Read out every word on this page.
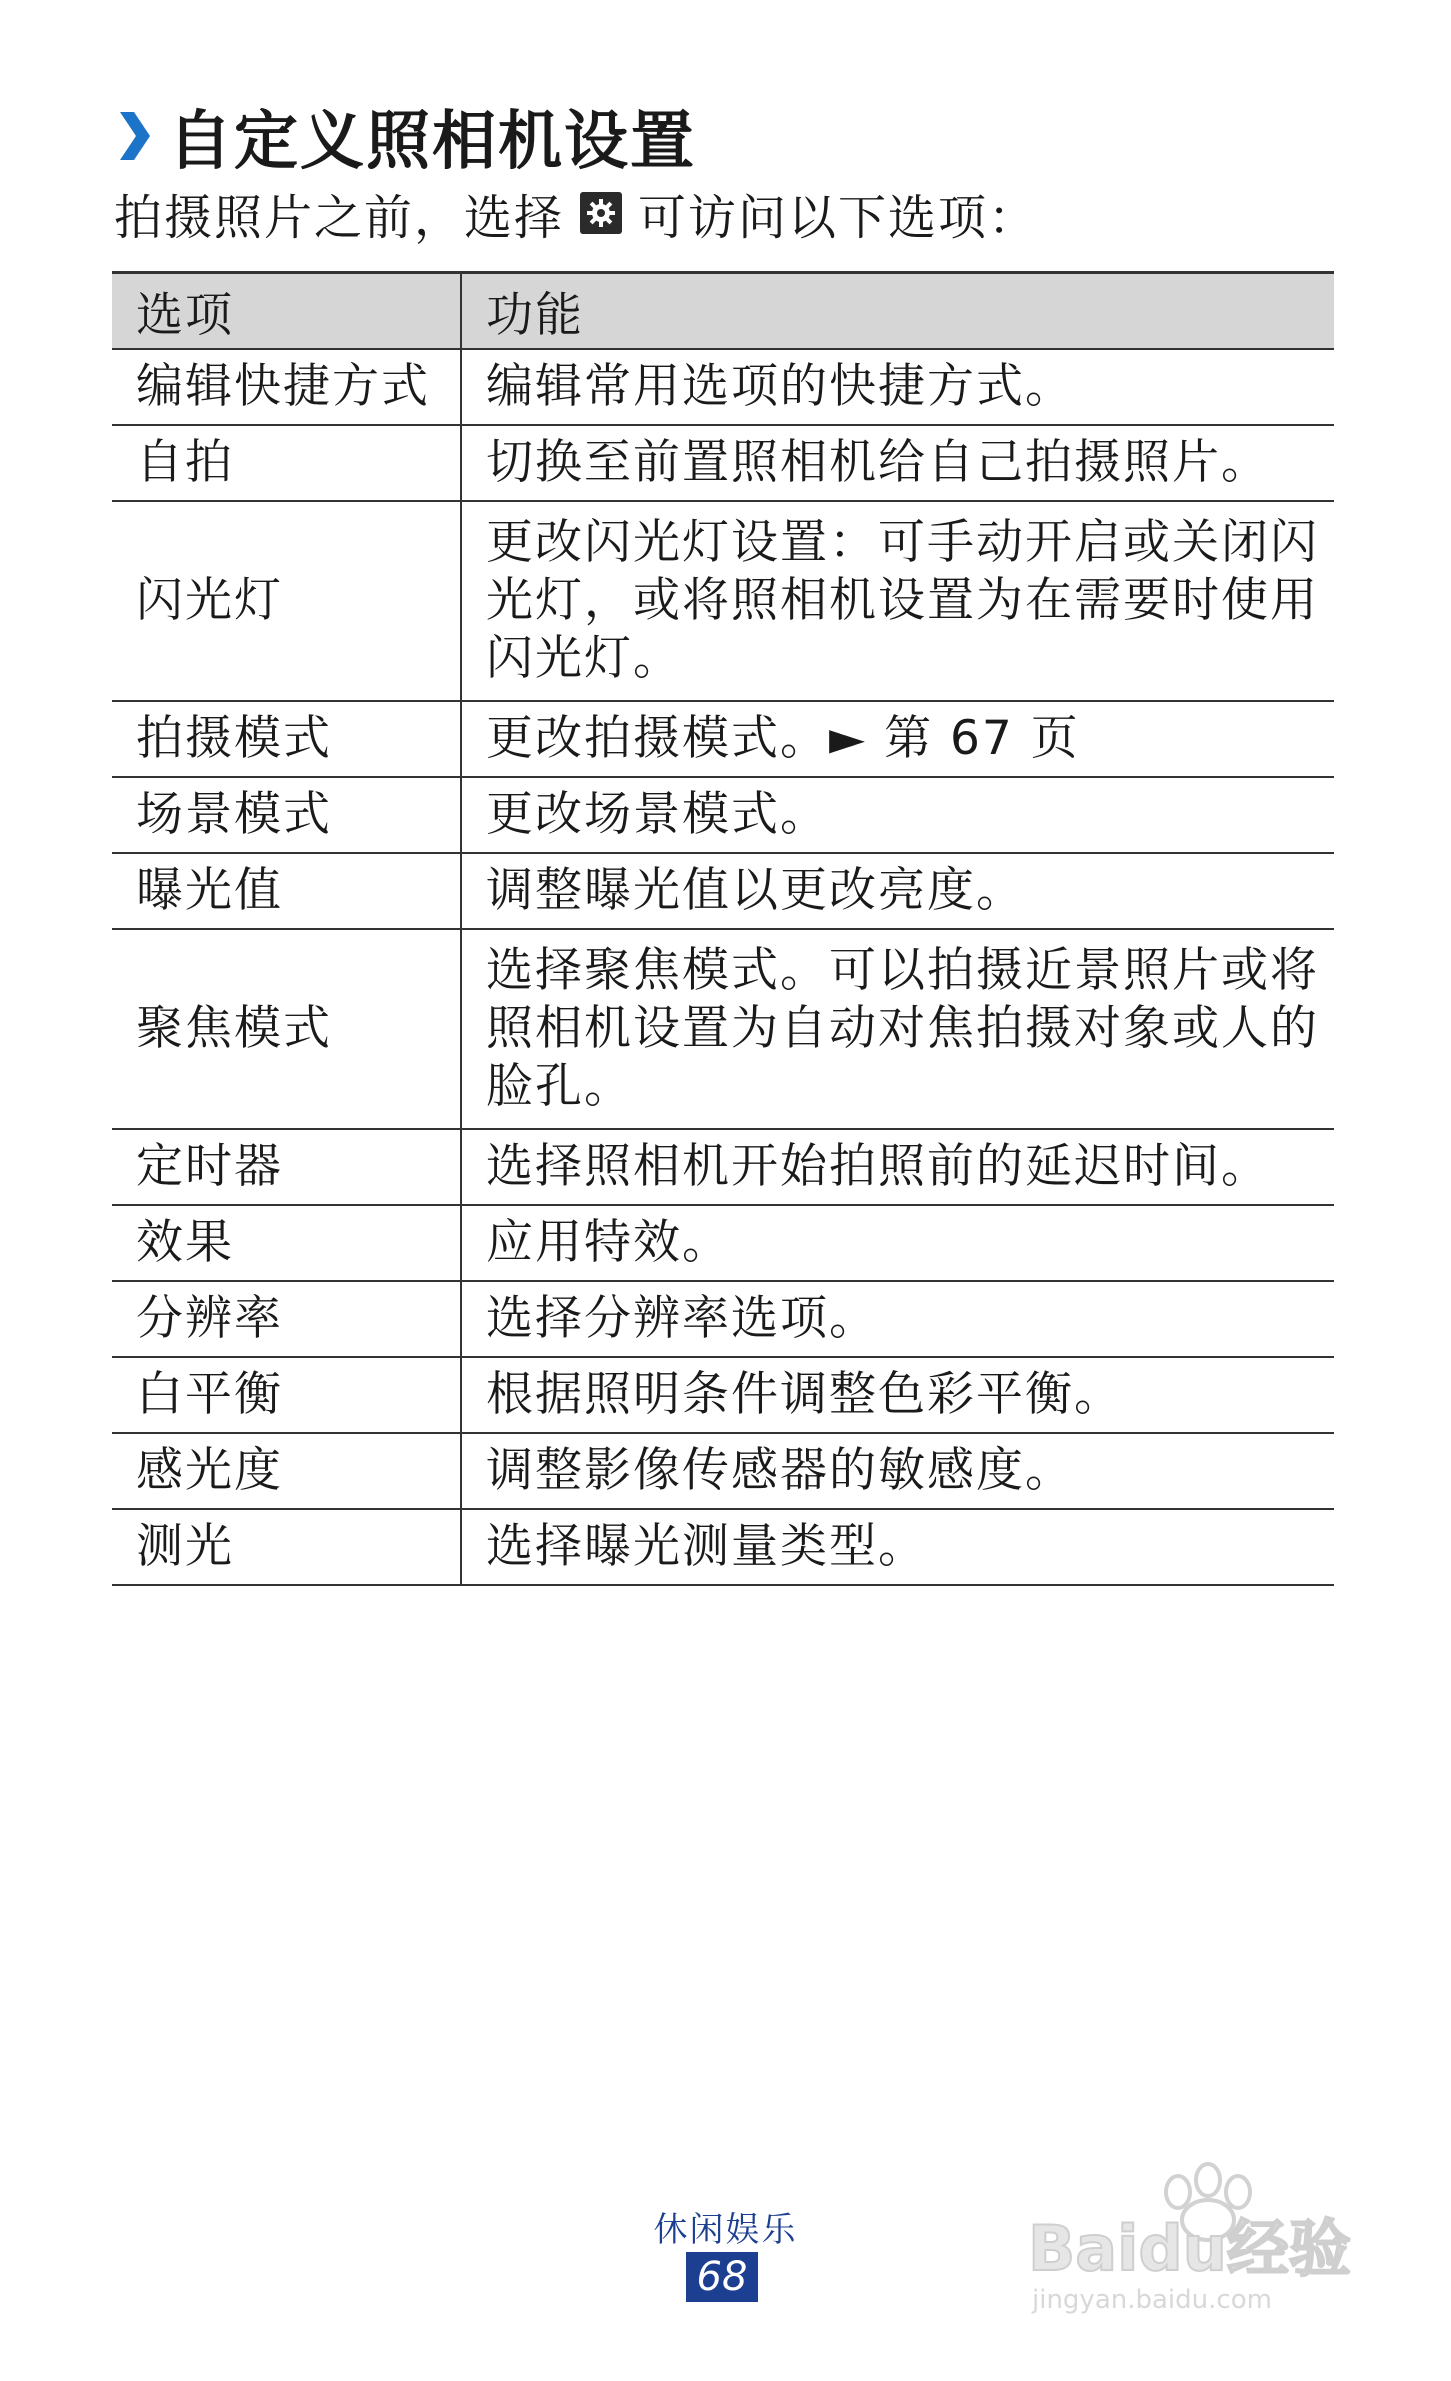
自定义照相机设置
拍摄照片之前，选择 可访问以下选项：
选项	功能
编辑快捷方式	编辑常用选项的快捷方式。
自拍	切换至前置照相机给自己拍摄照片。
闪光灯	更改闪光灯设置：可手动开启或关闭闪光灯，或将照相机设置为在需要时使用闪光灯。
拍摄模式	更改拍摄模式。► 第 67 页
场景模式	更改场景模式。
曝光值	调整曝光值以更改亮度。
聚焦模式	选择聚焦模式。可以拍摄近景照片或将照相机设置为自动对焦拍摄对象或人的脸孔。
定时器	选择照相机开始拍照前的延迟时间。
效果	应用特效。
分辨率	选择分辨率选项。
白平衡	根据照明条件调整色彩平衡。
感光度	调整影像传感器的敏感度。
测光	选择曝光测量类型。
休闲娱乐
68	Baidu经验
jingyan.baidu.com
